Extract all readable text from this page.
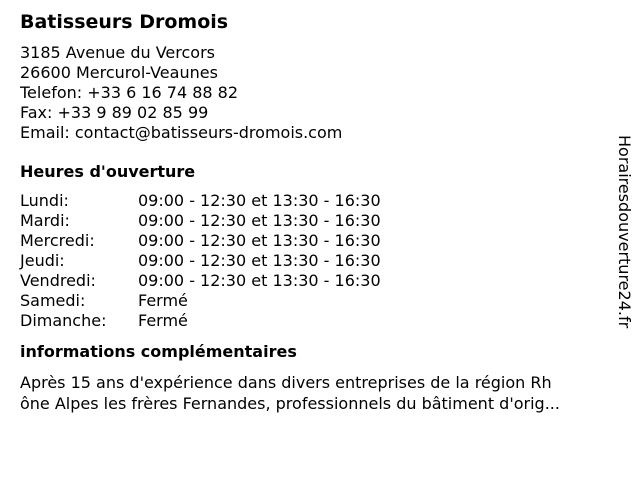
Batisseurs Dromois
3185 Avenue du Vercors
26600 Mercurol-Veaunes
Telefon: +33 6 16 74 88 82
Fax: +33 9 89 02 85 99
Email: contact@batisseurs-dromois.com
Heures d'ouverture
Lundi:	09:00 - 12:30 et 13:30 - 16:30
Mardi:	09:00 - 12:30 et 13:30 - 16:30
Mercredi:	09:00 - 12:30 et 13:30 - 16:30
Jeudi:	09:00 - 12:30 et 13:30 - 16:30
Vendredi:	09:00 - 12:30 et 13:30 - 16:30
Samedi:	Fermé
Dimanche:	Fermé
informations complémentaires
Après 15 ans d'expérience dans divers entreprises de la région Rh
ône Alpes les frères Fernandes, professionnels du bâtiment d'orig...
Horairesdouverture24.fr
